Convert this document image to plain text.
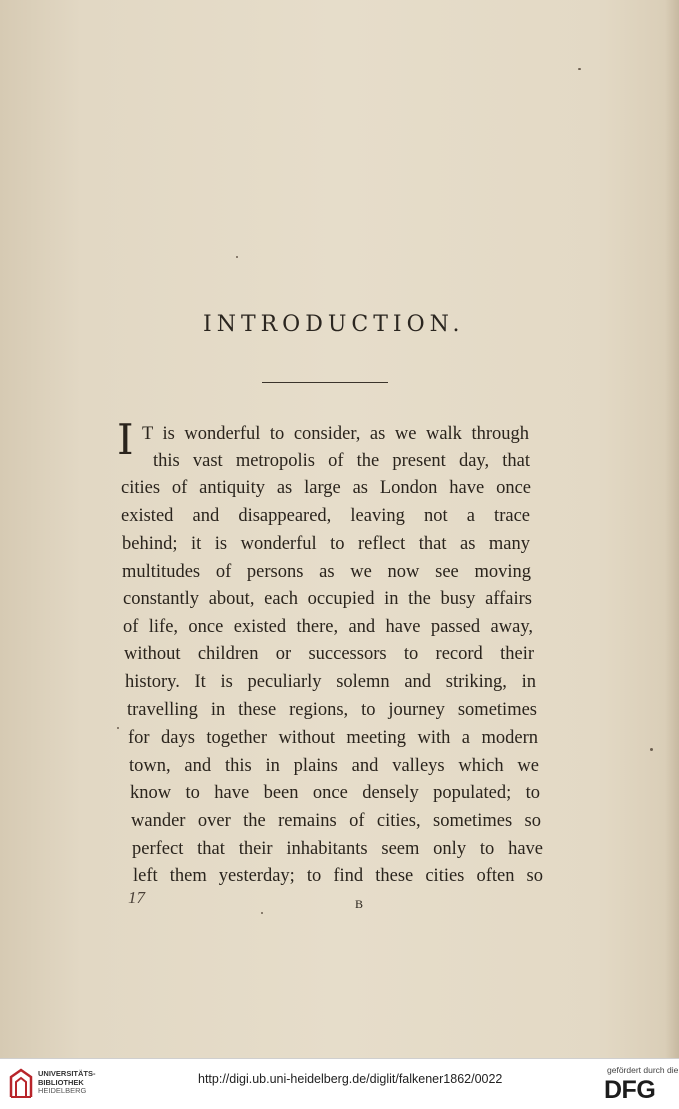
INTRODUCTION.
I T is wonderful to consider, as we walk through
this vast metropolis of the present day, that
cities of antiquity as large as London have once
existed and disappeared, leaving not a trace
behind; it is wonderful to reflect that as many
multitudes of persons as we now see moving
constantly about, each occupied in the busy affairs
of life, once existed there, and have passed away,
without children or successors to record their
history. It is peculiarly solemn and striking, in
travelling in these regions, to journey sometimes
for days together without meeting with a modern
town, and this in plains and valleys which we
know to have been once densely populated; to
wander over the remains of cities, sometimes so
perfect that their inhabitants seem only to have
left them yesterday; to find these cities often so
17	B
UNIVERSITÄTS-
BIBLIOTHEK
HEIDELBERG
http://digi.ub.uni-heidelberg.de/diglit/falkener1862/0022
gefördert durch die
DFG
